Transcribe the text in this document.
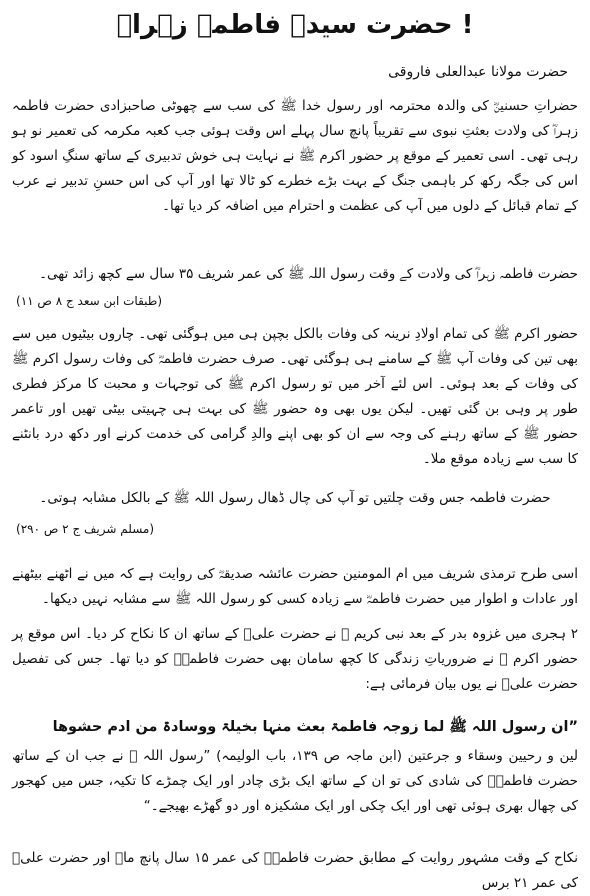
حضرت سیدہ فاطمہ زہراؓ !
حضرت مولانا عبدالعلی فاروقی
حضراتِ حسنینؓ کی والدہ محترمہ اور رسول خدا ﷺ کی سب سے چھوٹی صاحبزادی حضرت فاطمہ زہراؓ کی ولادت بعثتِ نبوی سے تقریباً پانچ سال پہلے اس وقت ہوئی جب کعبہ مکرمہ کی تعمیر نو ہو رہی تھی۔ اسی تعمیر کے موقع پر حضور اکرم ﷺ نے نہایت ہی خوش تدبیری کے ساتھ سنگِ اسود کو اس کی جگہ رکھ کر باہمی جنگ کے بہت بڑے خطرے کو ٹالا تھا اور آپ کی اس حسنِ تدبیر نے عرب کے تمام قبائل کے دلوں میں آپ کی عظمت و احترام میں اضافہ کر دیا تھا۔
حضرت فاطمہ زہراؓ کی ولادت کے وقت رسول اللہ ﷺ کی عمر شریف ۳۵ سال سے کچھ زائد تھی۔
(طبقات ابن سعد ج ۸ ص ۱۱)
حضور اکرم ﷺ کی تمام اولادِ نرینہ کی وفات بالکل بچپن ہی میں ہوگئی تھی۔ چاروں بیٹیوں میں سے بھی تین کی وفات آپ ﷺ کے سامنے ہی ہوگئی تھی۔ صرف حضرت فاطمہؓ کی وفات رسول اکرم ﷺ کی وفات کے بعد ہوئی۔ اس لئے آخر میں تو رسول اکرم ﷺ کی توجہات و محبت کا مرکز فطری طور پر وہی بن گئی تھیں۔ لیکن یوں بھی وہ حضور ﷺ کی بہت ہی چہیتی بیٹی تھیں اور تاعمر حضور ﷺ کے ساتھ رہنے کی وجہ سے ان کو بھی اپنے والدِ گرامی کی خدمت کرنے اور دکھ درد بانٹنے کا سب سے زیادہ موقع ملا۔
حضرت فاطمہ جس وقت چلتیں تو آپ کی چال ڈھال رسول اللہ ﷺ کے بالکل مشابہ ہوتی۔
(مسلم شریف ج ۲ ص ۲۹۰)
اسی طرح ترمذی شریف میں ام المومنین حضرت عائشہ صدیقہؓ کی روایت ہے کہ میں نے اٹھنے بیٹھنے اور عادات و اطوار میں حضرت فاطمہؓ سے زیادہ کسی کو رسول اللہ ﷺ سے مشابہ نہیں دیکھا۔
۲ ہجری میں غزوہ بدر کے بعد نبی کریم ﷺ نے حضرت علیؓ کے ساتھ ان کا نکاح کر دیا۔ اس موقع پر حضور اکرم ﷺ نے ضروریاتِ زندگی کا کچھ سامان بھی حضرت فاطمہؓ کو دیا تھا۔ جس کی تفصیل حضرت علیؓ نے یوں بیان فرمائی ہے:
”ان رسول اللہ ﷺ لما زوجہ فاطمۃ بعث منہا بخیلۃ ووسادۃ من ادم حشوھا
لین و رحیین وسقاء و جرعتین (ابن ماجہ ص ۱۳۹، باب الولیمہ) ”رسول اللہ ﷺ نے جب ان کے ساتھ حضرت فاطمہؓ کی شادی کی تو ان کے ساتھ ایک بڑی چادر اور ایک چمڑے کا تکیہ، جس میں کھجور کی چھال بھری ہوئی تھی اور ایک چکی اور ایک مشکیزہ اور دو گھڑے بھیجے۔“
نکاح کے وقت مشہور روایت کے مطابق حضرت فاطمہؓ کی عمر ۱۵ سال پانچ ماہ اور حضرت علیؓ کی عمر ۲۱ برس
